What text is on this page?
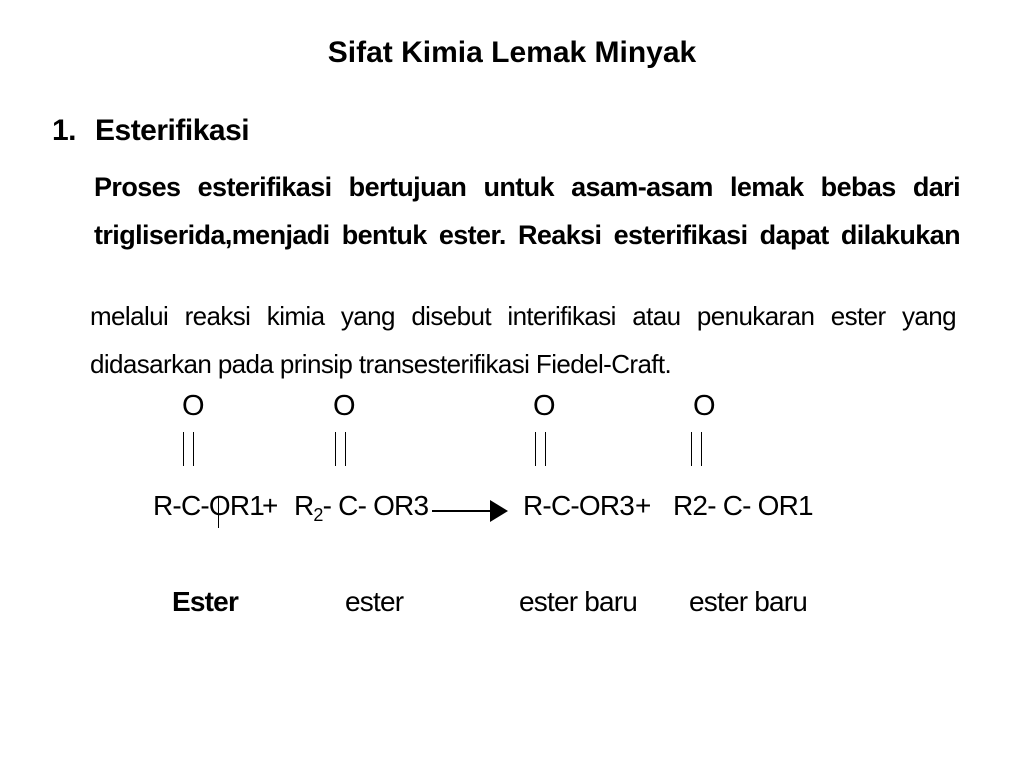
Sifat Kimia Lemak Minyak
1. Esterifikasi
Proses esterifikasi bertujuan untuk asam-asam lemak bebas dari
trigliserida,menjadi bentuk ester. Reaksi esterifikasi dapat dilakukan
melalui reaksi kimia yang disebut interifikasi atau penukaran ester yang
didasarkan pada prinsip transesterifikasi Fiedel-Craft.
O	O	O	O
R-C-OR1
+ $R_2-$ C- OR3	R-C-OR3 + R2- C- OR1
Ester	ester	ester baru ester baru
